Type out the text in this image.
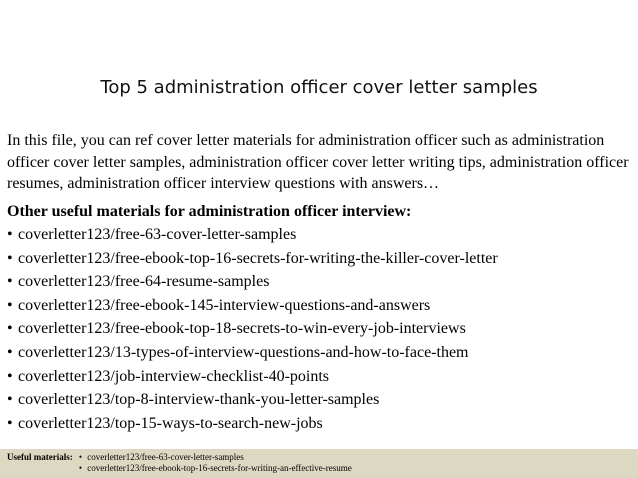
Top 5 administration officer cover letter samples

In this file, you can ref cover letter materials for administration officer such as administration officer cover letter samples, administration officer cover letter writing tips, administration officer resumes, administration officer interview questions with answers…

Other useful materials for administration officer interview:

• coverletter123/free-63-cover-letter-samples
• coverletter123/free-ebook-top-16-secrets-for-writing-the-killer-cover-letter
• coverletter123/free-64-resume-samples
• coverletter123/free-ebook-145-interview-questions-and-answers
• coverletter123/free-ebook-top-18-secrets-to-win-every-job-interviews
• coverletter123/13-types-of-interview-questions-and-how-to-face-them
• coverletter123/job-interview-checklist-40-points
• coverletter123/top-8-interview-thank-you-letter-samples
• coverletter123/top-15-ways-to-search-new-jobs
Useful materials: • coverletter123/free-63-cover-letter-samples
• coverletter123/free-ebook-top-16-secrets-for-writing-an-effective-resume
